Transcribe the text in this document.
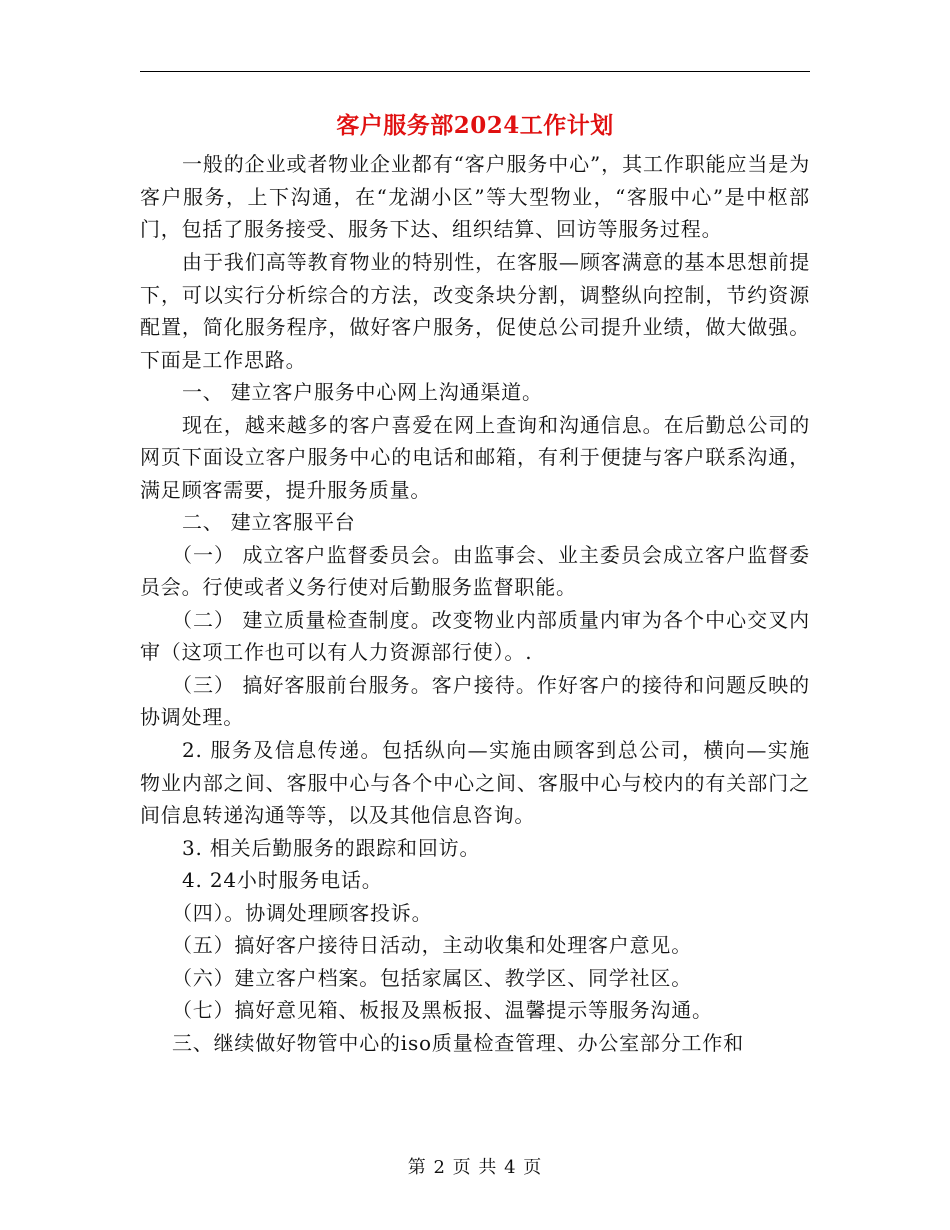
客户服务部2024工作计划

一般的企业或者物业企业都有“客户服务中心”，其工作职能应当是为客户服务，上下沟通，在“龙湖小区”等大型物业，“客服中心”是中枢部门，包括了服务接受、服务下达、组织结算、回访等服务过程。

由于我们高等教育物业的特别性，在客服—顾客满意的基本思想前提下，可以实行分析综合的方法，改变条块分割，调整纵向控制，节约资源配置，简化服务程序，做好客户服务，促使总公司提升业绩，做大做强。下面是工作思路。

一、 建立客户服务中心网上沟通渠道。

现在，越来越多的客户喜爱在网上查询和沟通信息。在后勤总公司的网页下面设立客户服务中心的电话和邮箱，有利于便捷与客户联系沟通，满足顾客需要，提升服务质量。

二、 建立客服平台

（一） 成立客户监督委员会。由监事会、业主委员会成立客户监督委员会。行使或者义务行使对后勤服务监督职能。

（二） 建立质量检查制度。改变物业内部质量内审为各个中心交叉内审（这项工作也可以有人力资源部行使）。.

（三） 搞好客服前台服务。客户接待。作好客户的接待和问题反映的协调处理。

2. 服务及信息传递。包括纵向—实施由顾客到总公司，横向—实施物业内部之间、客服中心与各个中心之间、客服中心与校内的有关部门之间信息转递沟通等等，以及其他信息咨询。

3. 相关后勤服务的跟踪和回访。

4. 24小时服务电话。

（四）。协调处理顾客投诉。

（五）搞好客户接待日活动，主动收集和处理客户意见。

（六）建立客户档案。包括家属区、教学区、同学社区。

（七）搞好意见箱、板报及黑板报、温馨提示等服务沟通。

三、继续做好物管中心的iso质量检查管理、办公室部分工作和

第 2 页 共 4 页
